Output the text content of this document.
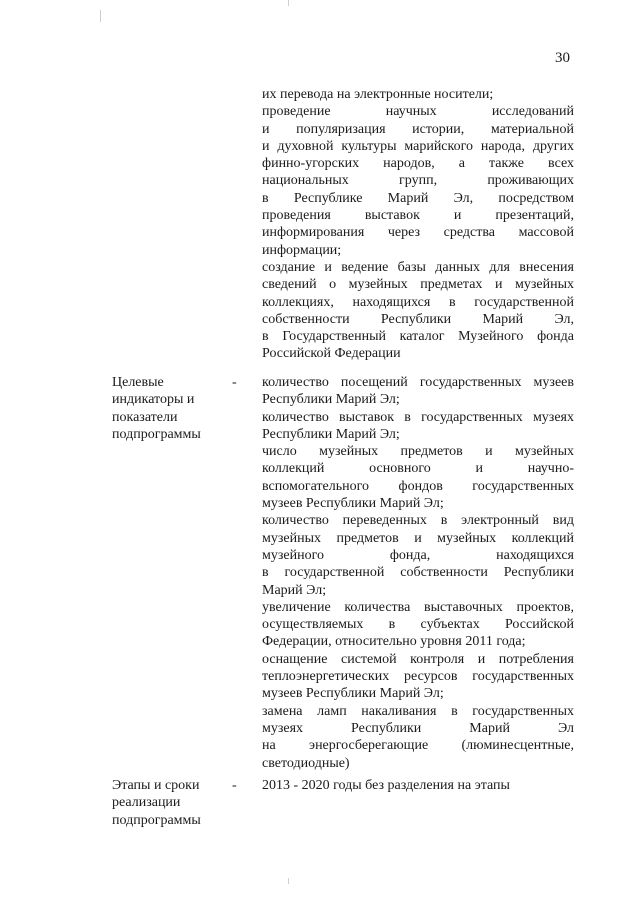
30

их перевода на электронные носители;

проведение научных исследований

и популяризация истории, материальной

и духовной культуры марийского народа, других

финно-угорских народов, а также всех

национальных групп, проживающих

в Республике Марий Эл, посредством

проведения выставок и презентаций,

информирования через средства массовой

информации;

создание и ведение базы данных для внесения

сведений о музейных предметах и музейных

коллекциях, находящихся в государственной

собственности Республики Марий Эл,

в Государственный каталог Музейного фонда

Российской Федерации

Целевые
индикаторы и
показатели
подпрограммы
- количество посещений государственных музеев

Республики Марий Эл;

количество выставок в государственных музеях

Республики Марий Эл;

число музейных предметов и музейных

коллекций основного и научно-

вспомогательного фондов государственных

музеев Республики Марий Эл;

количество переведенных в электронный вид

музейных предметов и музейных коллекций

музейного фонда, находящихся

в государственной собственности Республики

Марий Эл;

увеличение количества выставочных проектов,

осуществляемых в субъектах Российской

Федерации, относительно уровня 2011 года;

оснащение системой контроля и потребления

теплоэнергетических ресурсов государственных

музеев Республики Марий Эл;

замена ламп накаливания в государственных

музеях Республики Марий Эл

на энергосберегающие (люминесцентные,

светодиодные)

Этапы и сроки
реализации
подпрограммы
- 2013 - 2020 годы без разделения на этапы
